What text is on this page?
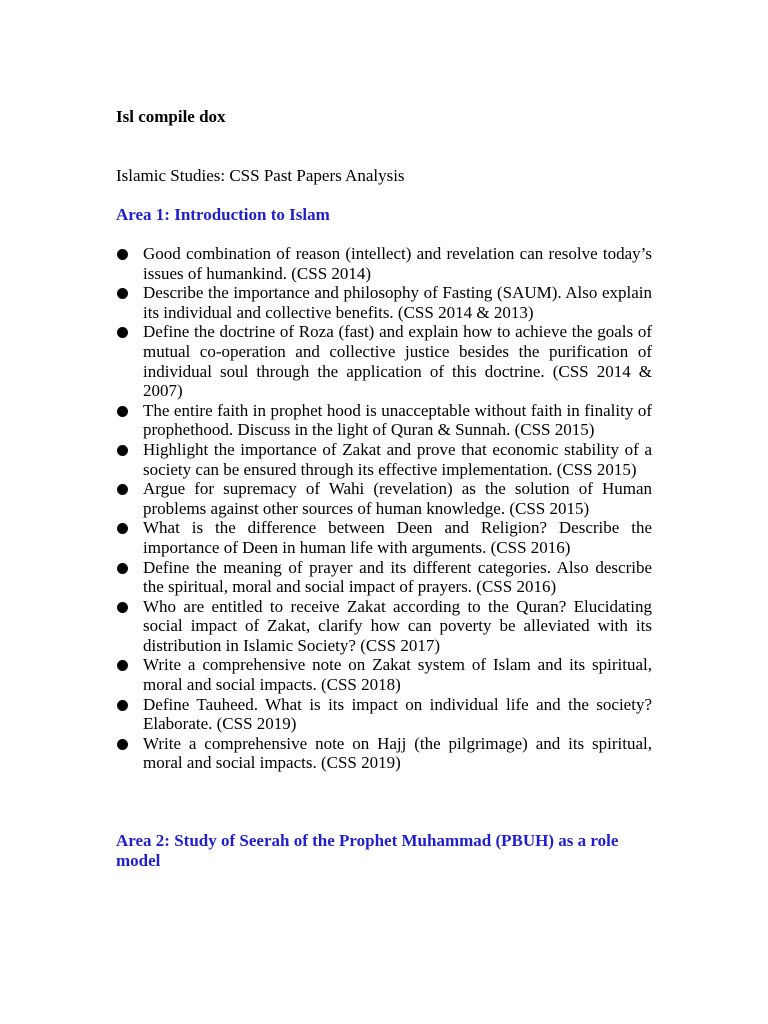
Isl compile dox

Islamic Studies: CSS Past Papers Analysis

Area 1: Introduction to Islam
Good combination of reason (intellect) and revelation can resolve today’s issues of humankind. (CSS 2014)
Describe the importance and philosophy of Fasting (SAUM). Also explain its individual and collective benefits. (CSS 2014 & 2013)
Define the doctrine of Roza (fast) and explain how to achieve the goals of mutual co-operation and collective justice besides the purification of individual soul through the application of this doctrine. (CSS 2014 & 2007)
The entire faith in prophet hood is unacceptable without faith in finality of prophethood. Discuss in the light of Quran & Sunnah. (CSS 2015)
Highlight the importance of Zakat and prove that economic stability of a society can be ensured through its effective implementation. (CSS 2015)
Argue for supremacy of Wahi (revelation) as the solution of Human problems against other sources of human knowledge. (CSS 2015)
What is the difference between Deen and Religion? Describe the importance of Deen in human life with arguments. (CSS 2016)
Define the meaning of prayer and its different categories. Also describe the spiritual, moral and social impact of prayers. (CSS 2016)
Who are entitled to receive Zakat according to the Quran? Elucidating social impact of Zakat, clarify how can poverty be alleviated with its distribution in Islamic Society? (CSS 2017)
Write a comprehensive note on Zakat system of Islam and its spiritual, moral and social impacts. (CSS 2018)
Define Tauheed. What is its impact on individual life and the society? Elaborate. (CSS 2019)
Write a comprehensive note on Hajj (the pilgrimage) and its spiritual, moral and social impacts. (CSS 2019)
Area 2: Study of Seerah of the Prophet Muhammad (PBUH) as a role model
